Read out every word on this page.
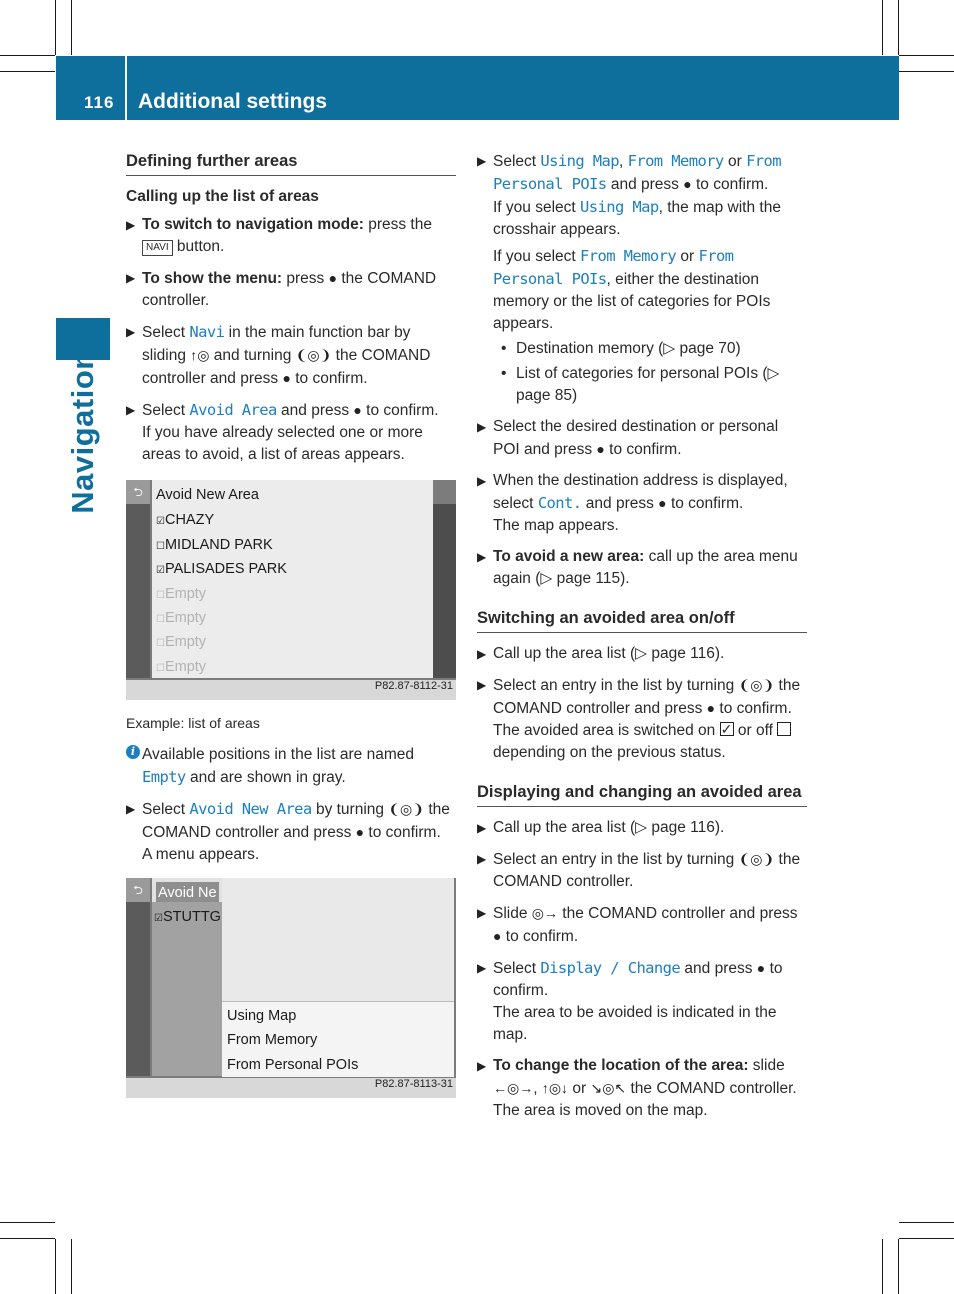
116 Additional settings
Navigation
Defining further areas
Calling up the list of areas
▶ To switch to navigation mode: press the NAVI button.
▶ To show the menu: press ● the COMAND controller.
▶ Select Navi in the main function bar by sliding ↑◎ and turning ❨◎❩ the COMAND controller and press ● to confirm.
▶ Select Avoid Area and press ● to confirm.
If you have already selected one or more areas to avoid, a list of areas appears.
⮌ Avoid New Area
☑CHAZY
☐MIDLAND PARK
☑PALISADES PARK
☐Empty
☐Empty
☐Empty
☐Empty
P82.87-8112-31
Example: list of areas
i Available positions in the list are named Empty and are shown in gray.
▶ Select Avoid New Area by turning ❨◎❩ the COMAND controller and press ● to confirm.
A menu appears.
⮌	Avoid Ne
☑STUTTG
Using Map
From Memory
From Personal POIs
P82.87-8113-31
▶ Select Using Map, From Memory or From Personal POIs and press ● to confirm.
If you select Using Map, the map with the crosshair appears.
If you select From Memory or From Personal POIs, either the destination memory or the list of categories for POIs appears.
• Destination memory (▷ page 70)
• List of categories for personal POIs (▷ page 85)
▶ Select the desired destination or personal POI and press ● to confirm.
▶ When the destination address is displayed, select Cont. and press ● to confirm.
The map appears.
▶ To avoid a new area: call up the area menu again (▷ page 115).
Switching an avoided area on/off
▶ Call up the area list (▷ page 116).
▶ Select an entry in the list by turning ❨◎❩ the COMAND controller and press ● to confirm.
The avoided area is switched on ✓ or off  depending on the previous status.
Displaying and changing an avoided area
▶ Call up the area list (▷ page 116).
▶ Select an entry in the list by turning ❨◎❩ the COMAND controller.
▶ Slide ◎→ the COMAND controller and press ● to confirm.
▶ Select Display / Change and press ● to confirm.
The area to be avoided is indicated in the map.
▶ To change the location of the area: slide ←◎→, ↑◎↓ or ↘◎↖ the COMAND controller.
The area is moved on the map.
